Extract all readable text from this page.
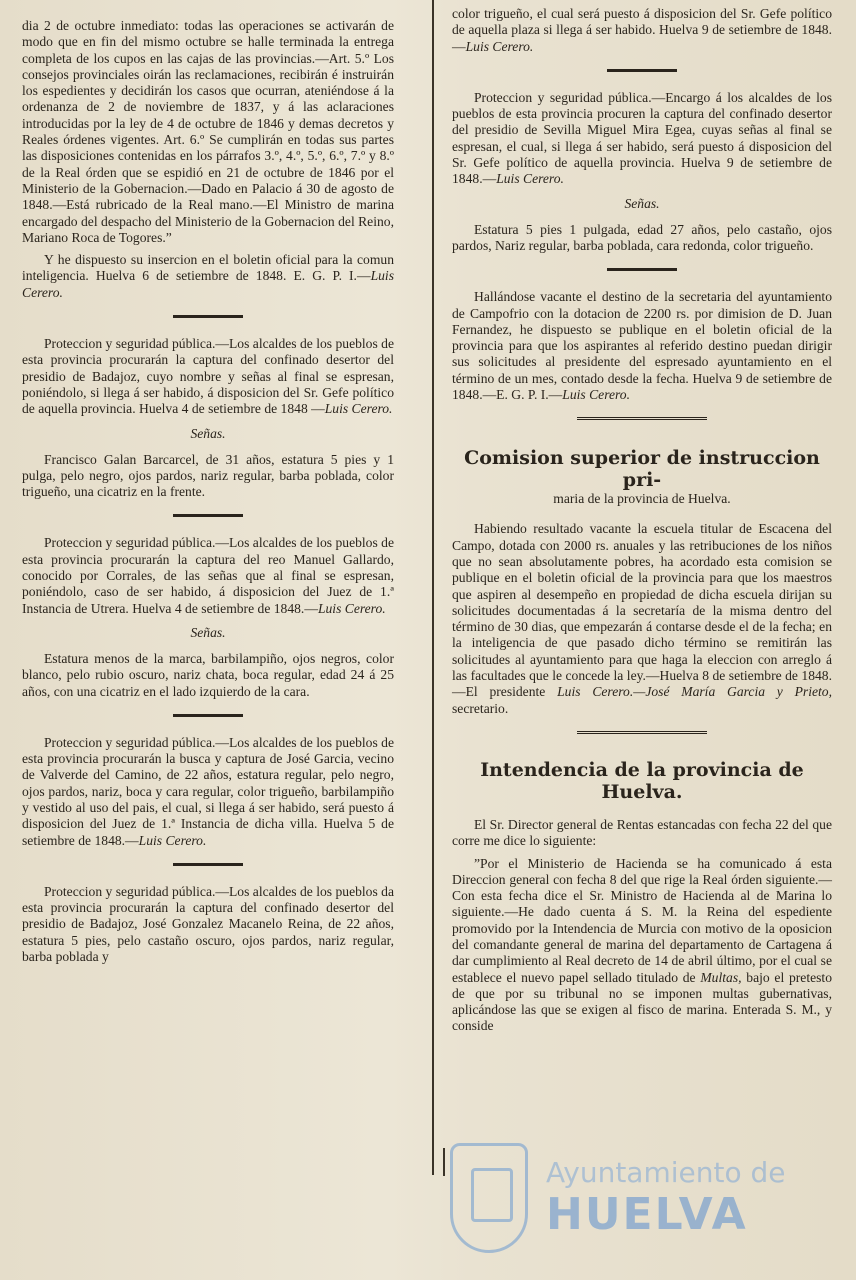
dia 2 de octubre inmediato: todas las operaciones se activarán de modo que en fin del mismo octubre se halle terminada la entrega completa de los cupos en las cajas de las provincias.—Art. 5.º Los consejos provinciales oirán las reclamaciones, recibirán é instruirán los espedientes y decidirán los casos que ocurran, ateniéndose á la ordenanza de 2 de noviembre de 1837, y á las aclaraciones introducidas por la ley de 4 de octubre de 1846 y demas decretos y Reales órdenes vigentes. Art. 6.º Se cumplirán en todas sus partes las disposiciones contenidas en los párrafos 3.º, 4.º, 5.º, 6.º, 7.º y 8.º de la Real órden que se espidió en 21 de octubre de 1846 por el Ministerio de la Gobernacion.—Dado en Palacio á 30 de agosto de 1848.—Está rubricado de la Real mano.—El Ministro de marina encargado del despacho del Ministerio de la Gobernacion del Reino, Mariano Roca de Togores.”

Y he dispuesto su insercion en el boletin oficial para la comun inteligencia. Huelva 6 de setiembre de 1848. E. G. P. I.—Luis Cerero.

Proteccion y seguridad pública.—Los alcaldes de los pueblos de esta provincia procurarán la captura del confinado desertor del presidio de Badajoz, cuyo nombre y señas al final se espresan, poniéndolo, si llega á ser habido, á disposicion del Sr. Gefe político de aquella provincia. Huelva 4 de setiembre de 1848 —Luis Cerero.

Señas.

Francisco Galan Barcarcel, de 31 años, estatura 5 pies y 1 pulga, pelo negro, ojos pardos, nariz regular, barba poblada, color trigueño, una cicatriz en la frente.

Proteccion y seguridad pública.—Los alcaldes de los pueblos de esta provincia procurarán la captura del reo Manuel Gallardo, conocido por Corrales, de las señas que al final se espresan, poniéndolo, caso de ser habido, á disposicion del Juez de 1.ª Instancia de Utrera. Huelva 4 de setiembre de 1848.—Luis Cerero.

Señas.

Estatura menos de la marca, barbilampiño, ojos negros, color blanco, pelo rubio oscuro, nariz chata, boca regular, edad 24 á 25 años, con una cicatriz en el lado izquierdo de la cara.

Proteccion y seguridad pública.—Los alcaldes de los pueblos de esta provincia procurarán la busca y captura de José Garcia, vecino de Valverde del Camino, de 22 años, estatura regular, pelo negro, ojos pardos, nariz, boca y cara regular, color trigueño, barbilampiño y vestido al uso del pais, el cual, si llega á ser habido, será puesto á disposicion del Juez de 1.ª Instancia de dicha villa. Huelva 5 de setiembre de 1848.—Luis Cerero.

Proteccion y seguridad pública.—Los alcaldes de los pueblos da esta provincia procurarán la captura del confinado desertor del presidio de Badajoz, José Gonzalez Macanelo Reina, de 22 años, estatura 5 pies, pelo castaño oscuro, ojos pardos, nariz regular, barba poblada y

color trigueño, el cual será puesto á disposicion del Sr. Gefe político de aquella plaza si llega á ser habido. Huelva 9 de setiembre de 1848.—Luis Cerero.

Proteccion y seguridad pública.—Encargo á los alcaldes de los pueblos de esta provincia procuren la captura del confinado desertor del presidio de Sevilla Miguel Mira Egea, cuyas señas al final se espresan, el cual, si llega á ser habido, será puesto á disposicion del Sr. Gefe político de aquella provincia. Huelva 9 de setiembre de 1848.—Luis Cerero.

Señas.

Estatura 5 pies 1 pulgada, edad 27 años, pelo castaño, ojos pardos, Nariz regular, barba poblada, cara redonda, color trigueño.

Hallándose vacante el destino de la secretaria del ayuntamiento de Campofrio con la dotacion de 2200 rs. por dimision de D. Juan Fernandez, he dispuesto se publique en el boletin oficial de la provincia para que los aspirantes al referido destino puedan dirigir sus solicitudes al presidente del espresado ayuntamiento en el término de un mes, contado desde la fecha. Huelva 9 de setiembre de 1848.—E. G. P. I.—Luis Cerero.

Comision superior de instruccion pri-
maria de la provincia de Huelva.

Habiendo resultado vacante la escuela titular de Escacena del Campo, dotada con 2000 rs. anuales y las retribuciones de los niños que no sean absolutamente pobres, ha acordado esta comision se publique en el boletin oficial de la provincia para que los maestros que aspiren al desempeño en propiedad de dicha escuela dirijan su solicitudes documentadas á la secretaría de la misma dentro del término de 30 dias, que empezarán á contarse desde el de la fecha; en la inteligencia de que pasado dicho término se remitirán las solicitudes al ayuntamiento para que haga la eleccion con arreglo á las facultades que le concede la ley.—Huelva 8 de setiembre de 1848.—El presidente Luis Cerero.—José María Garcia y Prieto, secretario.

Intendencia de la provincia de Huelva.

El Sr. Director general de Rentas estancadas con fecha 22 del que corre me dice lo siguiente:

”Por el Ministerio de Hacienda se ha comunicado á esta Direccion general con fecha 8 del que rige la Real órden siguiente.—Con esta fecha dice el Sr. Ministro de Hacienda al de Marina lo siguiente.—He dado cuenta á S. M. la Reina del espediente promovido por la Intendencia de Murcia con motivo de la oposicion del comandante general de marina del departamento de Cartagena á dar cumplimiento al Real decreto de 14 de abril último, por el cual se establece el nuevo papel sellado titulado de Multas, bajo el pretesto de que por su tribunal no se imponen multas gubernativas, aplicándose las que se exigen al fisco de marina. Enterada S. M., y conside

Ayuntamiento de
HUELVA
